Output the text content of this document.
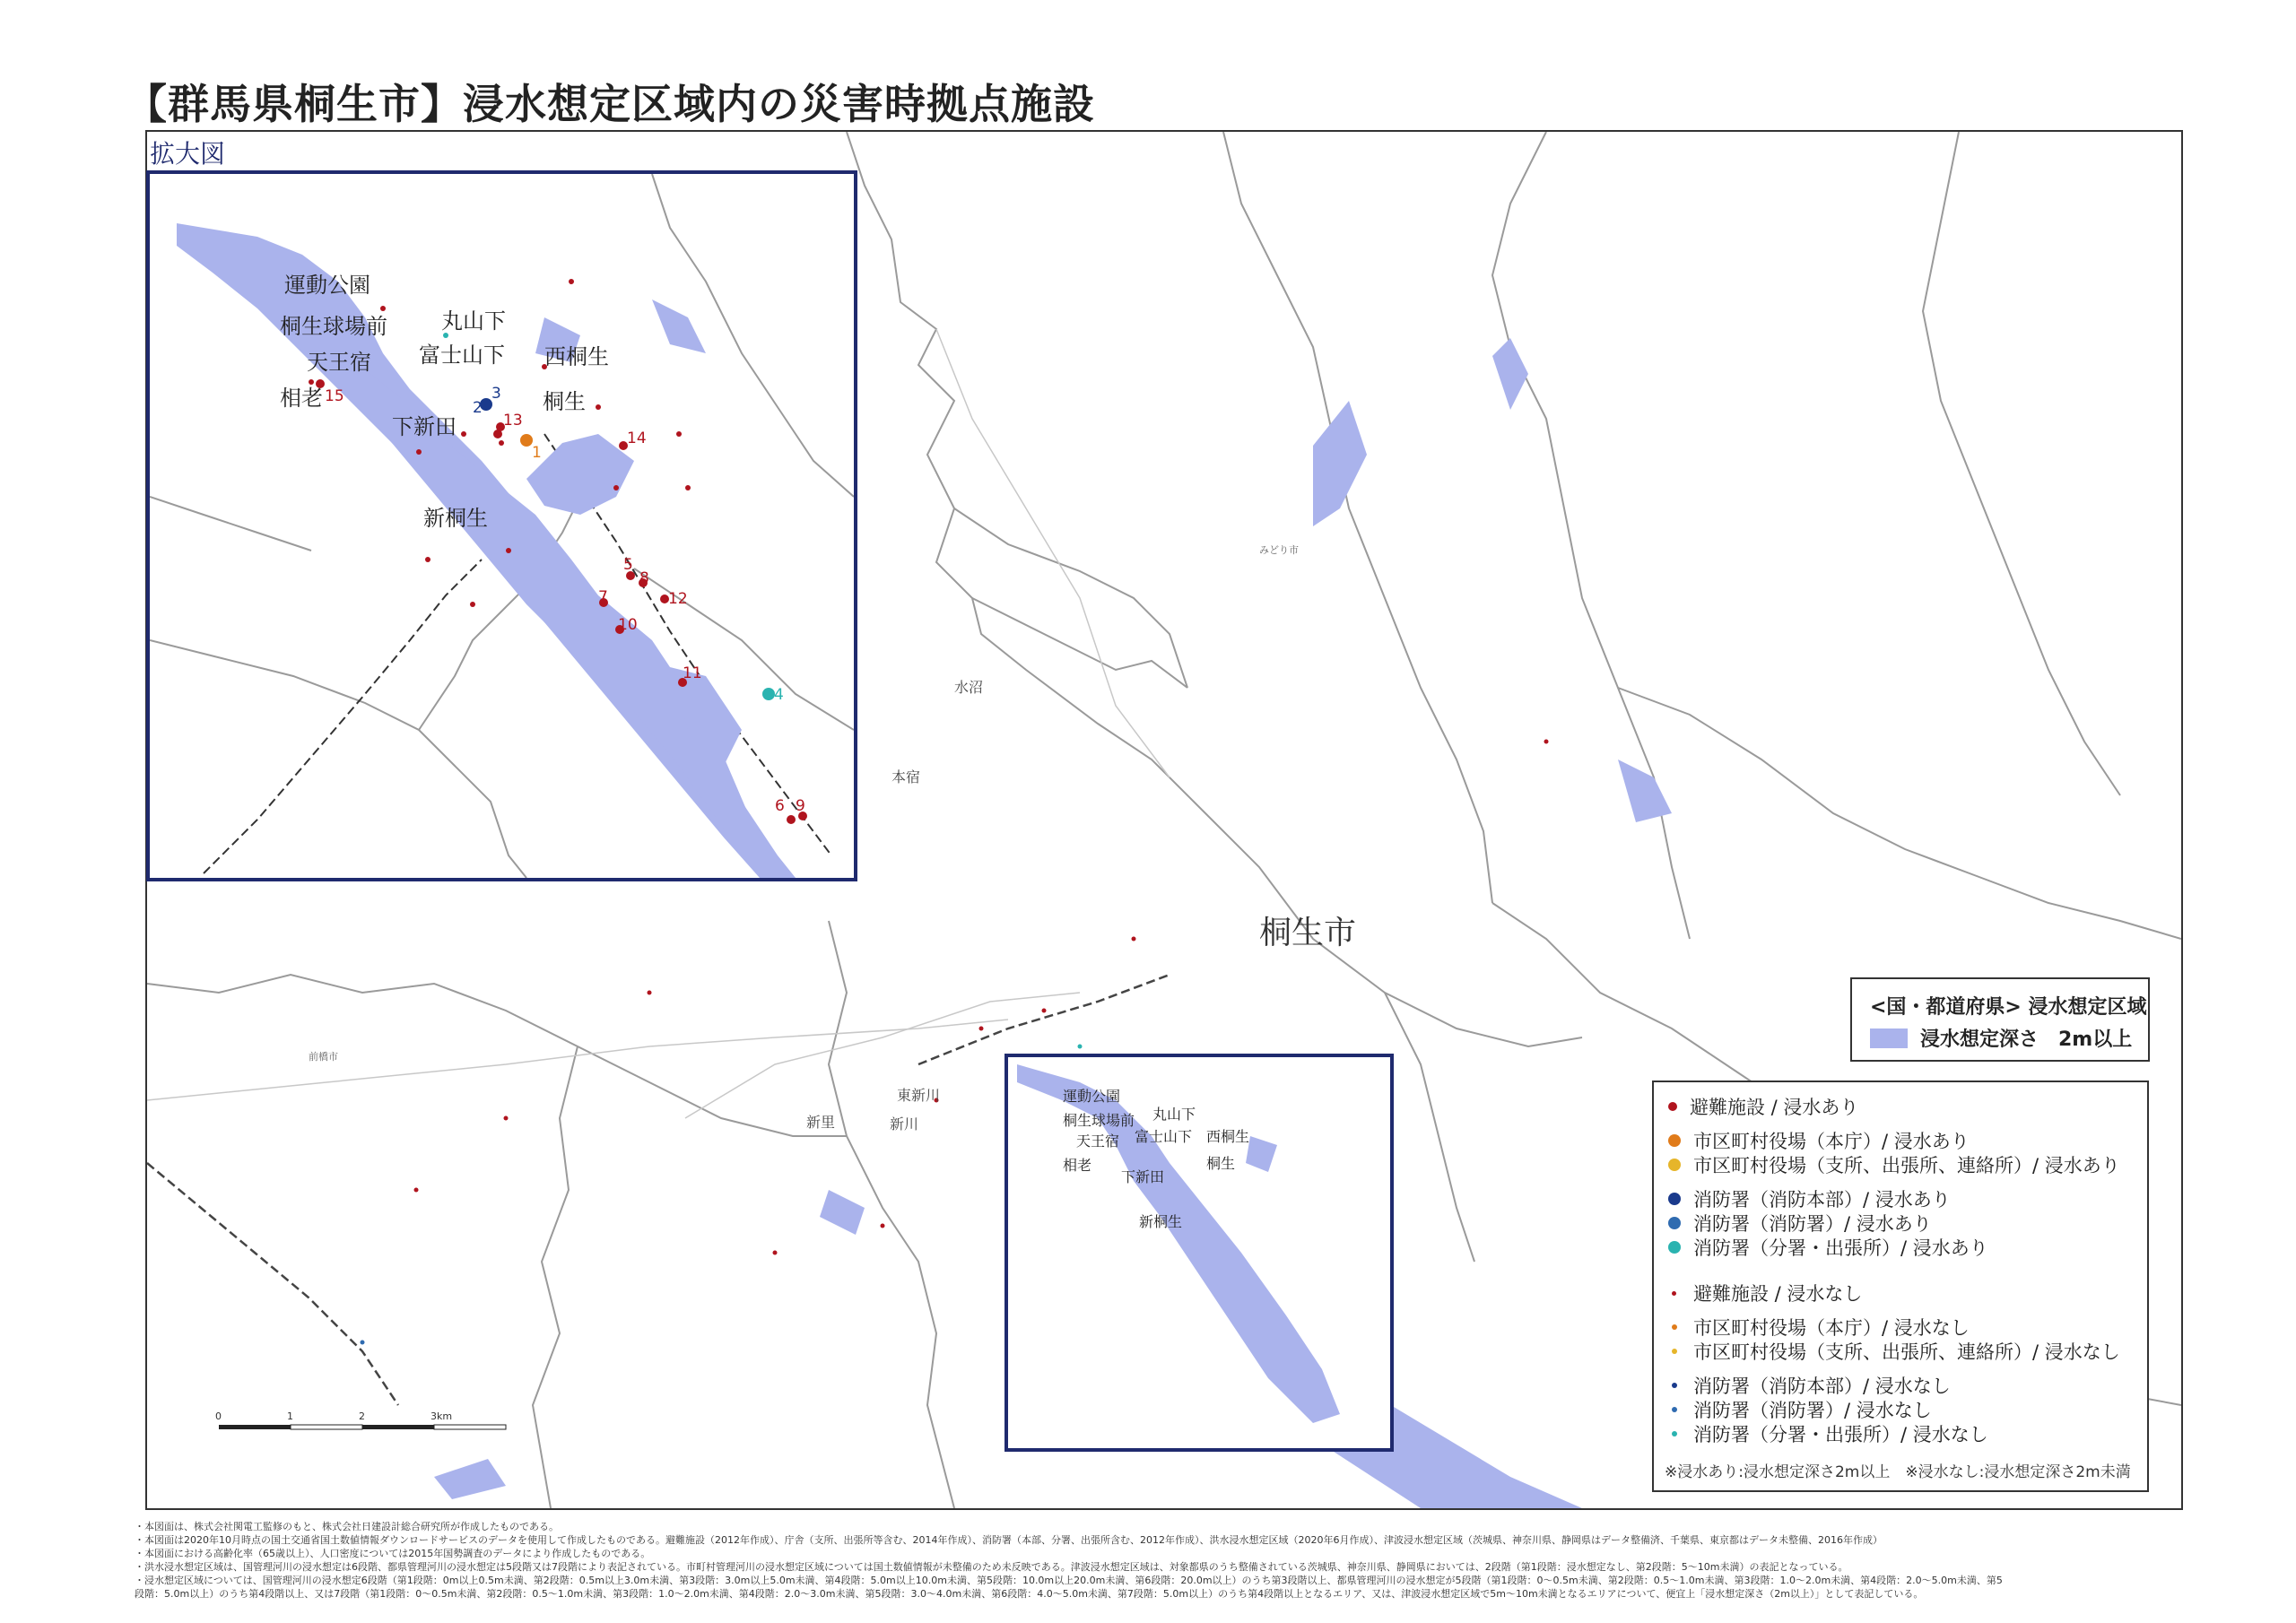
【群馬県桐生市】浸水想定区域内の災害時拠点施設
水沼
本宿
東新川
新里	新川
前橋市
みどり市
桐生市
0	1	2	3km
運動公園
桐生球場前	丸山下
天王宿 富士山下 西桐生
相老	桐生
下新田
新桐生
15
2
3
13
1
14
5
8
7	12
10
11
4
6 9
拡大図
運動公園
桐生球場前 丸山下
天王宿 富士山下 西桐生
相老	桐生
下新田
新桐生
<国・都道府県> 浸水想定区域
浸水想定深さ　2m以上
避難施設 / 浸水あり
市区町村役場（本庁）/ 浸水あり
市区町村役場（支所、出張所、連絡所）/ 浸水あり
消防署（消防本部）/ 浸水あり
消防署（消防署）/ 浸水あり
消防署（分署・出張所）/ 浸水あり
避難施設 / 浸水なし
市区町村役場（本庁）/ 浸水なし
市区町村役場（支所、出張所、連絡所）/ 浸水なし
消防署（消防本部）/ 浸水なし
消防署（消防署）/ 浸水なし
消防署（分署・出張所）/ 浸水なし
※浸水あり:浸水想定深さ2m以上　※浸水なし:浸水想定深さ2m未満
・本図面は、株式会社関電工監修のもと、株式会社日建設計総合研究所が作成したものである。
・本図面は2020年10月時点の国土交通省国土数値情報ダウンロードサービスのデータを使用して作成したものである。避難施設（2012年作成）、庁舎（支所、出張所等含む、2014年作成）、消防署（本部、分署、出張所含む、2012年作成）、洪水浸水想定区域（2020年6月作成）、津波浸水想定区域（茨城県、神奈川県、静岡県はデータ整備済、千葉県、東京都はデータ未整備、2016年作成）
・本図面における高齢化率（65歳以上）、人口密度については2015年国勢調査のデータにより作成したものである。
・洪水浸水想定区域は、国管理河川の浸水想定は6段階、都県管理河川の浸水想定は5段階又は7段階により表記されている。市町村管理河川の浸水想定区域については国土数値情報が未整備のため未反映である。津波浸水想定区域は、対象都県のうち整備されている茨城県、神奈川県、静岡県においては、2段階（第1段階：浸水想定なし、第2段階：5～10m未満）の表記となっている。
・浸水想定区域については、国管理河川の浸水想定6段階（第1段階：0m以上0.5m未満、第2段階：0.5m以上3.0m未満、第3段階：3.0m以上5.0m未満、第4段階：5.0m以上10.0m未満、第5段階：10.0m以上20.0m未満、第6段階：20.0m以上）のうち第3段階以上、都県管理河川の浸水想定が5段階（第1段階：0～0.5m未満、第2段階：0.5～1.0m未満、第3段階：1.0～2.0m未満、第4段階：2.0～5.0m未満、第5
段階：5.0m以上）のうち第4段階以上、又は7段階（第1段階：0～0.5m未満、第2段階：0.5～1.0m未満、第3段階：1.0～2.0m未満、第4段階：2.0～3.0m未満、第5段階：3.0～4.0m未満、第6段階：4.0～5.0m未満、第7段階：5.0m以上）のうち第4段階以上となるエリア、又は、津波浸水想定区域で5m～10m未満となるエリアについて、便宜上「浸水想定深さ（2m以上）」として表記している。
